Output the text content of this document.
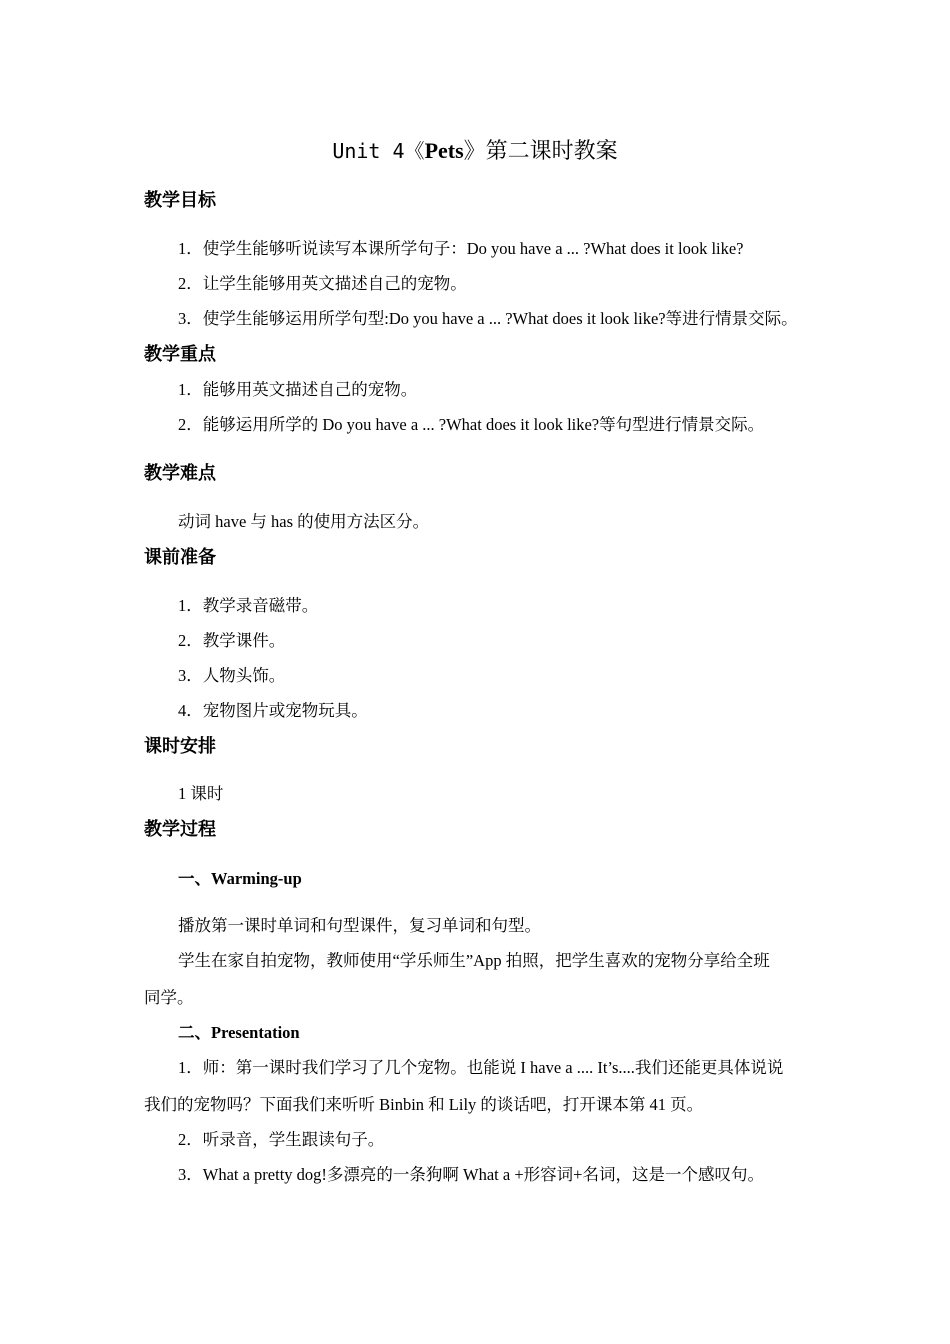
Unit 4《Pets》第二课时教案
教学目标
1．使学生能够听说读写本课所学句子：Do you have a ... ?What does it look like?
2．让学生能够用英文描述自己的宠物。
3．使学生能够运用所学句型:Do you have a ... ?What does it look like?等进行情景交际。
教学重点
1．能够用英文描述自己的宠物。
2．能够运用所学的 Do you have a ... ?What does it look like?等句型进行情景交际。
教学难点
动词 have 与 has 的使用方法区分。
课前准备
1．教学录音磁带。
2．教学课件。
3．人物头饰。
4．宠物图片或宠物玩具。
课时安排
1 课时
教学过程
一、Warming-up
播放第一课时单词和句型课件，复习单词和句型。
学生在家自拍宠物，教师使用“学乐师生”App 拍照，把学生喜欢的宠物分享给全班
同学。
二、Presentation
1．师：第一课时我们学习了几个宠物。也能说 I have a .... It’s....我们还能更具体说说
我们的宠物吗？下面我们来听听 Binbin 和 Lily 的谈话吧，打开课本第 41 页。
2．听录音，学生跟读句子。
3．What a pretty dog!多漂亮的一条狗啊 What a +形容词+名词，这是一个感叹句。
